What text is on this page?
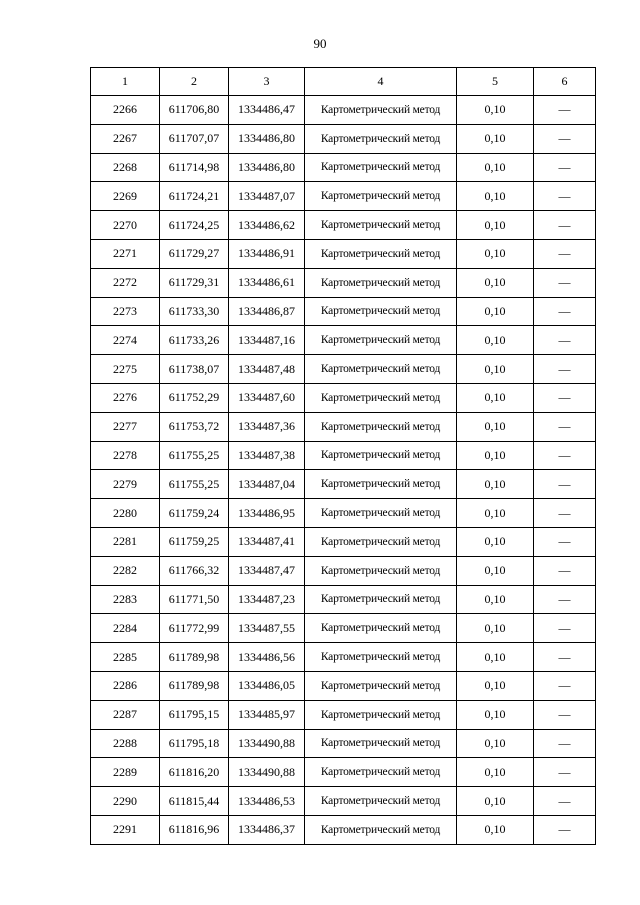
90
1	2	3	4	5	6
2266	611706,80	1334486,47	Картометрический метод	0,10	—
2267	611707,07	1334486,80	Картометрический метод	0,10	—
2268	611714,98	1334486,80	Картометрический метод	0,10	—
2269	611724,21	1334487,07	Картометрический метод	0,10	—
2270	611724,25	1334486,62	Картометрический метод	0,10	—
2271	611729,27	1334486,91	Картометрический метод	0,10	—
2272	611729,31	1334486,61	Картометрический метод	0,10	—
2273	611733,30	1334486,87	Картометрический метод	0,10	—
2274	611733,26	1334487,16	Картометрический метод	0,10	—
2275	611738,07	1334487,48	Картометрический метод	0,10	—
2276	611752,29	1334487,60	Картометрический метод	0,10	—
2277	611753,72	1334487,36	Картометрический метод	0,10	—
2278	611755,25	1334487,38	Картометрический метод	0,10	—
2279	611755,25	1334487,04	Картометрический метод	0,10	—
2280	611759,24	1334486,95	Картометрический метод	0,10	—
2281	611759,25	1334487,41	Картометрический метод	0,10	—
2282	611766,32	1334487,47	Картометрический метод	0,10	—
2283	611771,50	1334487,23	Картометрический метод	0,10	—
2284	611772,99	1334487,55	Картометрический метод	0,10	—
2285	611789,98	1334486,56	Картометрический метод	0,10	—
2286	611789,98	1334486,05	Картометрический метод	0,10	—
2287	611795,15	1334485,97	Картометрический метод	0,10	—
2288	611795,18	1334490,88	Картометрический метод	0,10	—
2289	611816,20	1334490,88	Картометрический метод	0,10	—
2290	611815,44	1334486,53	Картометрический метод	0,10	—
2291	611816,96	1334486,37	Картометрический метод	0,10	—
